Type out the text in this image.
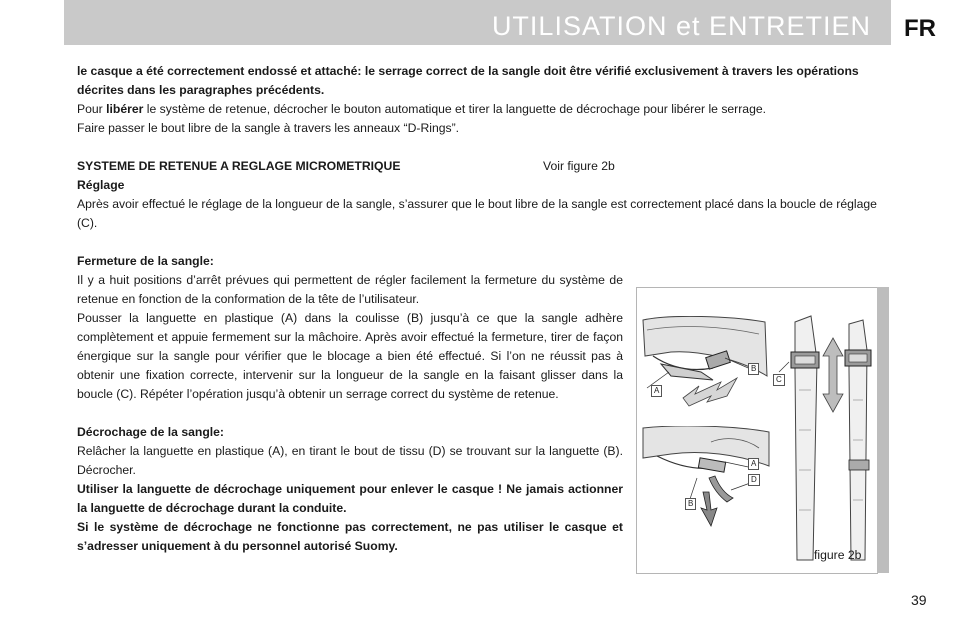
UTILISATION et ENTRETIEN FR

le casque a été correctement endossé et attaché: le serrage correct de la sangle doit être vérifié exclusivement à travers les opérations décrites dans les paragraphes précédents.

Pour libérer le système de retenue, décrocher le bouton automatique et tirer la languette de décrochage pour libérer le serrage.

Faire passer le bout libre de la sangle à travers les anneaux “D-Rings”.

SYSTEME DE RETENUE A REGLAGE MICROMETRIQUE	Voir figure 2b

Réglage

Après avoir effectué le réglage de la longueur de la sangle, s’assurer que le bout libre de la sangle est correctement placé dans la boucle de réglage (C).

Fermeture de la sangle:

Il y a huit positions d’arrêt prévues qui permettent de régler facilement la fermeture du système de retenue en fonction de la conformation de la tête de l’utilisateur.

Pousser la languette en plastique (A) dans la coulisse (B) jusqu’à ce que la sangle adhère complètement et appuie fermement sur la mâchoire. Après avoir effectué la fermeture, tirer de façon énergique sur la sangle pour vérifier que le blocage a bien été effectué. Si l’on ne réussit pas à obtenir une fixation correcte, intervenir sur la longueur de la sangle en la faisant glisser dans la boucle (C). Répéter l’opération jusqu’à obtenir un serrage correct du système de retenue.

Décrochage de la sangle:

Relâcher la languette en plastique (A), en tirant le bout de tissu (D) se trouvant sur la languette (B). Décrocher.

Utiliser la languette de décrochage uniquement pour enlever le casque ! Ne jamais actionner la languette de décrochage durant la conduite.

Si le système de décrochage ne fonctionne pas correctement, ne pas utiliser le casque et s’adresser uniquement à du personnel autorisé Suomy.

A
B
A
D
B
C
figure 2b
39
